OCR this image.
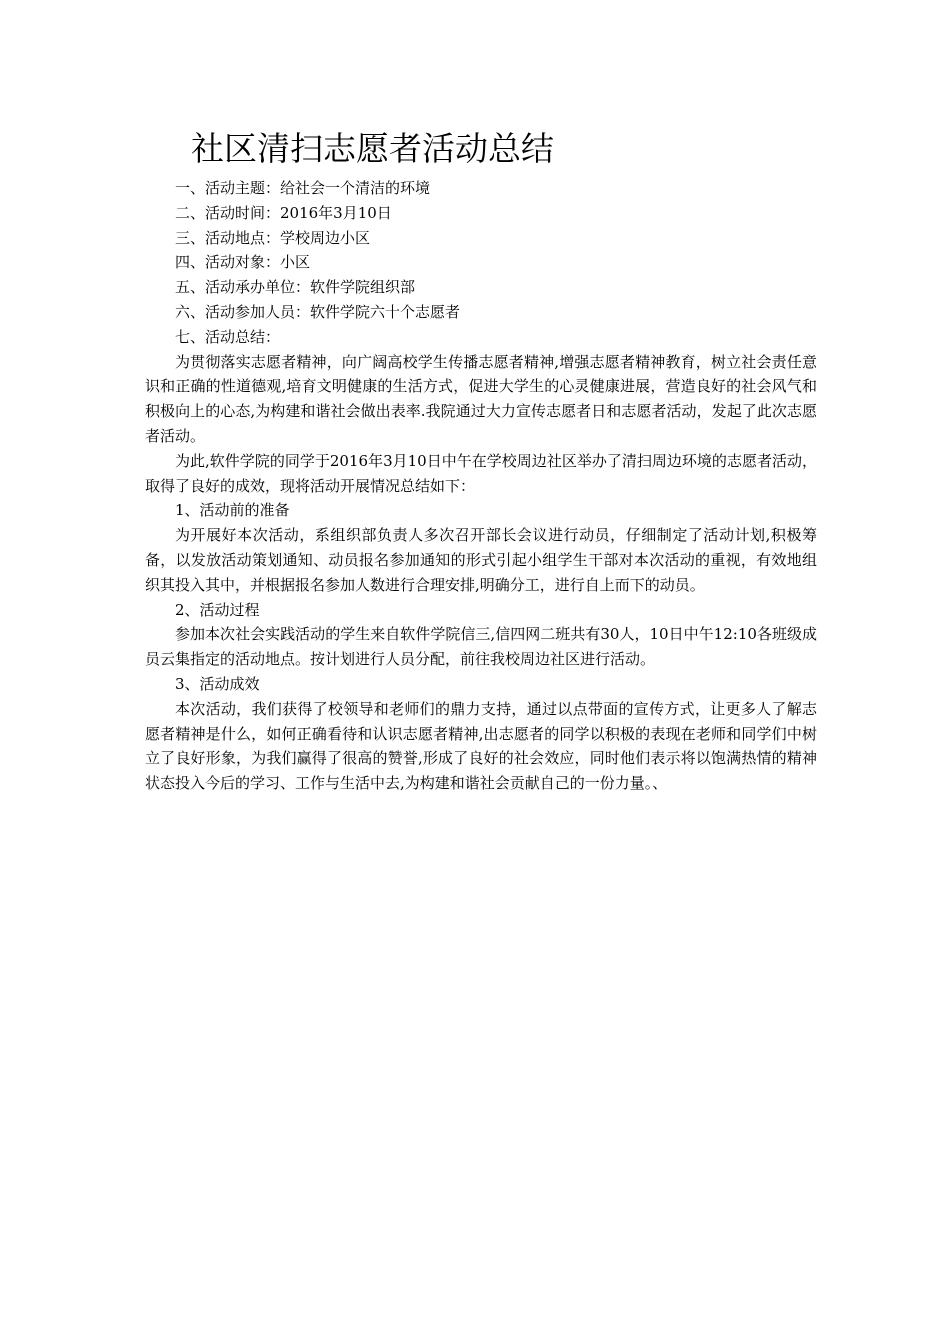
社区清扫志愿者活动总结

一、活动主题：给社会一个清洁的环境

二、活动时间：2016年3月10日

三、活动地点：学校周边小区

四、活动对象：小区

五、活动承办单位：软件学院组织部

六、活动参加人员：软件学院六十个志愿者

七、活动总结：

为贯彻落实志愿者精神，向广阔高校学生传播志愿者精神,增强志愿者精神教育，树立社会责任意识和正确的性道德观,培育文明健康的生活方式，促进大学生的心灵健康进展，营造良好的社会风气和积极向上的心态,为构建和谐社会做出表率.我院通过大力宣传志愿者日和志愿者活动，发起了此次志愿者活动。

为此,软件学院的同学于2016年3月10日中午在学校周边社区举办了清扫周边环境的志愿者活动，取得了良好的成效，现将活动开展情况总结如下：

1、活动前的准备

为开展好本次活动，系组织部负责人多次召开部长会议进行动员，仔细制定了活动计划,积极筹备，以发放活动策划通知、动员报名参加通知的形式引起小组学生干部对本次活动的重视，有效地组织其投入其中，并根据报名参加人数进行合理安排,明确分工，进行自上而下的动员。

2、活动过程

参加本次社会实践活动的学生来自软件学院信三,信四网二班共有30人，10日中午12:10各班级成员云集指定的活动地点。按计划进行人员分配，前往我校周边社区进行活动。

3、活动成效

本次活动，我们获得了校领导和老师们的鼎力支持，通过以点带面的宣传方式，让更多人了解志愿者精神是什么，如何正确看待和认识志愿者精神,出志愿者的同学以积极的表现在老师和同学们中树立了良好形象，为我们赢得了很高的赞誉,形成了良好的社会效应，同时他们表示将以饱满热情的精神状态投入今后的学习、工作与生活中去,为构建和谐社会贡献自己的一份力量。、
